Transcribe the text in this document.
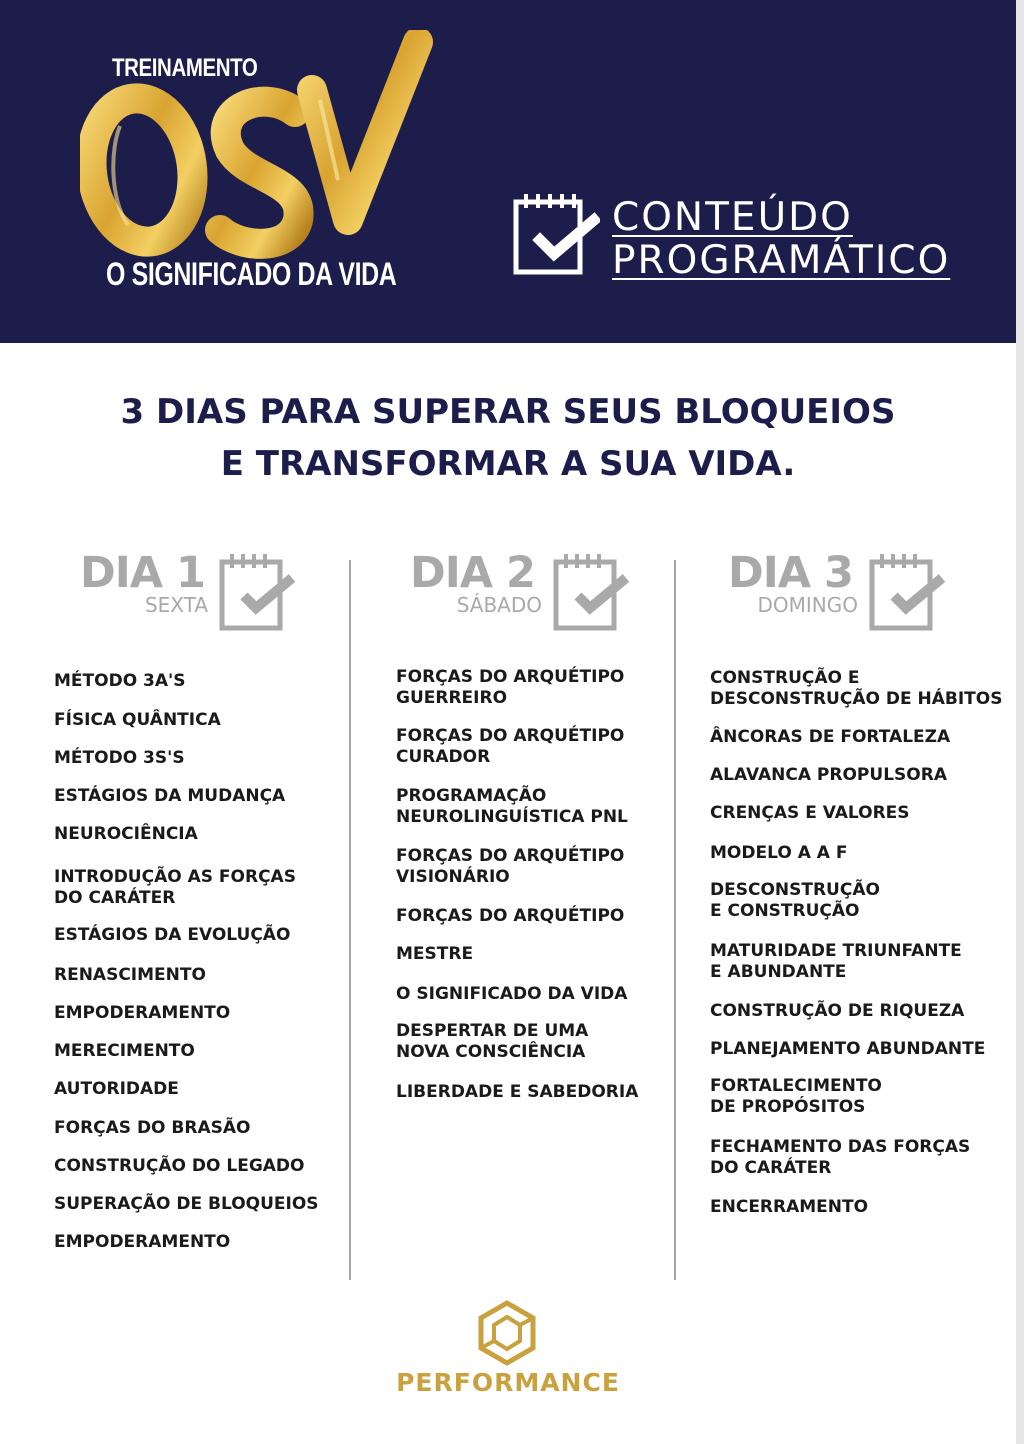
TREINAMENTO
O SIGNIFICADO DA VIDA
CONTEÚDO
PROGRAMÁTICO
3 DIAS PARA SUPERAR SEUS BLOQUEIOS
E TRANSFORMAR A SUA VIDA.
DIA 1
SEXTA
DIA 2
SÁBADO
DIA 3
DOMINGO
MÉTODO 3A'S
FÍSICA QUÂNTICA
MÉTODO 3S'S
ESTÁGIOS DA MUDANÇA
NEUROCIÊNCIA
INTRODUÇÃO AS FORÇAS
DO CARÁTER
ESTÁGIOS DA EVOLUÇÃO
RENASCIMENTO
EMPODERAMENTO
MERECIMENTO
AUTORIDADE
FORÇAS DO BRASÃO
CONSTRUÇÃO DO LEGADO
SUPERAÇÃO DE BLOQUEIOS
EMPODERAMENTO
FORÇAS DO ARQUÉTIPO
GUERREIRO
FORÇAS DO ARQUÉTIPO
CURADOR
PROGRAMAÇÃO
NEUROLINGUÍSTICA PNL
FORÇAS DO ARQUÉTIPO
VISIONÁRIO
FORÇAS DO ARQUÉTIPO
MESTRE
O SIGNIFICADO DA VIDA
DESPERTAR DE UMA
NOVA CONSCIÊNCIA
LIBERDADE E SABEDORIA
CONSTRUÇÃO E
DESCONSTRUÇÃO DE HÁBITOS
ÂNCORAS DE FORTALEZA
ALAVANCA PROPULSORA
CRENÇAS E VALORES
MODELO A A F
DESCONSTRUÇÃO
E CONSTRUÇÃO
MATURIDADE TRIUNFANTE
E ABUNDANTE
CONSTRUÇÃO DE RIQUEZA
PLANEJAMENTO ABUNDANTE
FORTALECIMENTO
DE PROPÓSITOS
FECHAMENTO DAS FORÇAS
DO CARÁTER
ENCERRAMENTO
PERFORMANCE
